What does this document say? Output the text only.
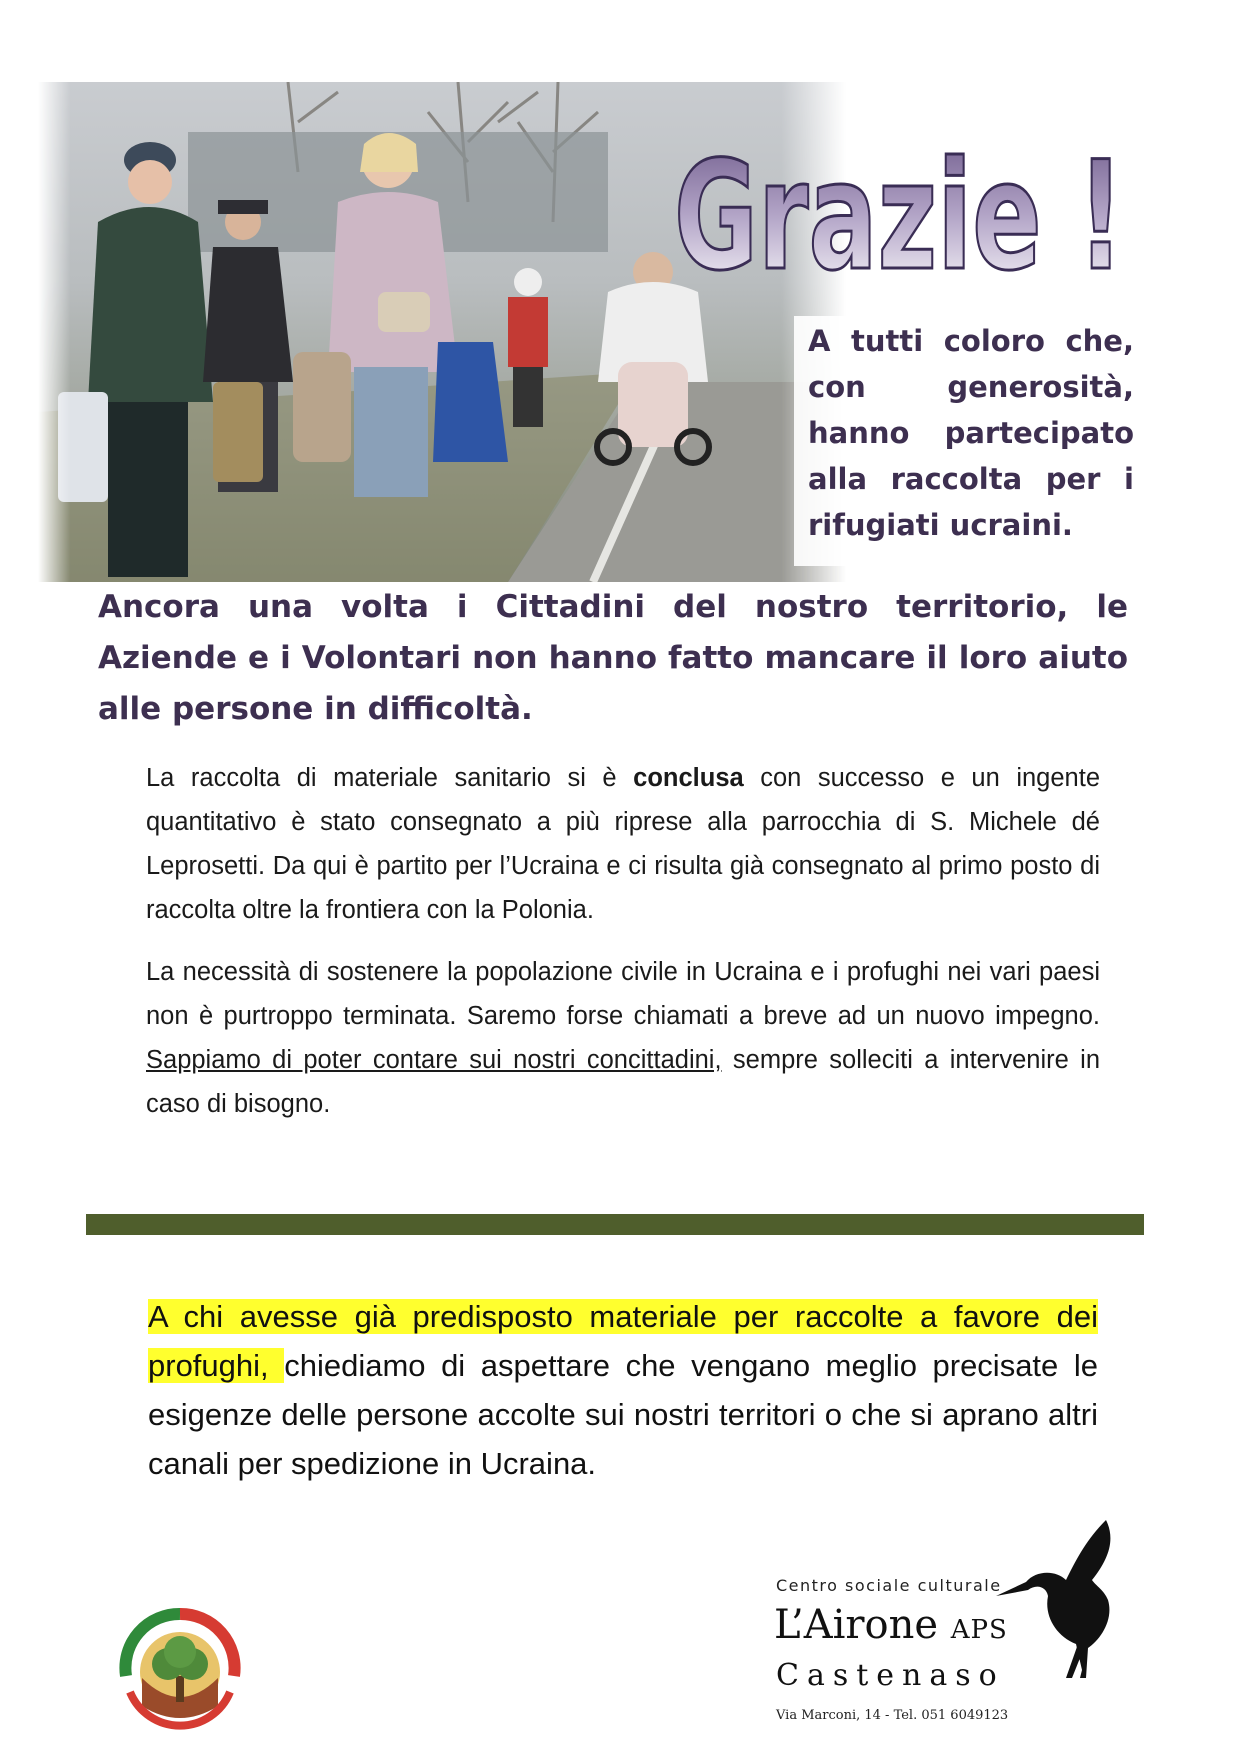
Grazie !

A tutti coloro che, con generosità, hanno partecipato alla raccolta per i rifugiati ucraini.

Ancora una volta i Cittadini del nostro territorio, le Aziende e i Volontari non hanno fatto mancare il loro aiuto alle persone in difficoltà.

La raccolta di materiale sanitario si è conclusa con successo e un ingente quantitativo è stato consegnato a più riprese alla parrocchia di S. Michele dé Leprosetti. Da qui è partito per l’Ucraina e ci risulta già consegnato al primo posto di raccolta oltre la frontiera con la Polonia.

La necessità di sostenere la popolazione civile in Ucraina e i profughi nei vari paesi non è purtroppo terminata. Saremo forse chiamati a breve ad un nuovo impegno. Sappiamo di poter contare sui nostri concittadini, sempre solleciti a intervenire in caso di bisogno.

A chi avesse già predisposto materiale per raccolte a favore dei profughi, chiediamo di aspettare che vengano meglio precisate le esigenze delle persone accolte sui nostri territori o che si aprano altri canali per spedizione in Ucraina.

Centro sociale culturale
L’Airone APS
Castenaso
Via Marconi, 14 - Tel. 051 6049123
